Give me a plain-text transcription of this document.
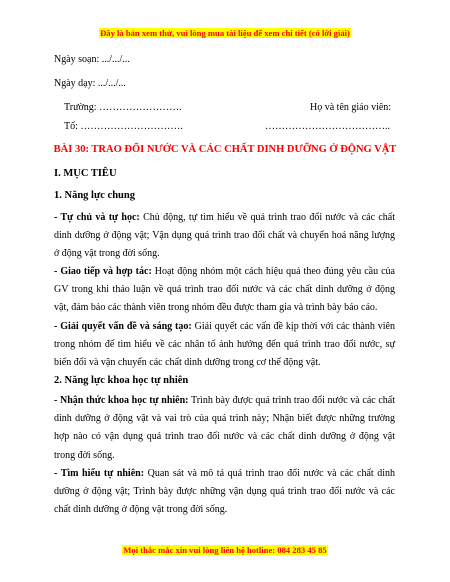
Đây là bản xem thử, vui lòng mua tài liệu để xem chi tiết (có lời giải)
Ngày soạn: .../.../...
Ngày dạy: .../.../...
Trường: …………………….	Họ và tên giáo viên:
Tổ: ………………………….	………………………………..
BÀI 30: TRAO ĐỔI NƯỚC VÀ CÁC CHẤT DINH DƯỠNG Ở ĐỘNG VẬT
I. MỤC TIÊU
1. Năng lực chung
- Tự chủ và tự học: Chủ động, tự tìm hiểu về quá trình trao đổi nước và các chất dinh dưỡng ở động vật; Vận dụng quá trình trao đổi chất và chuyển hoá năng lượng ở động vật trong đời sống.
- Giao tiếp và hợp tác: Hoạt động nhóm một cách hiệu quả theo đúng yêu cầu của GV trong khi thảo luận về quá trình trao đổi nước và các chất dinh dưỡng ở động vật, đảm bảo các thành viên trong nhóm đều được tham gia và trình bày báo cáo.
- Giải quyết vấn đề và sáng tạo: Giải quyết các vấn đề kịp thời với các thành viên trong nhóm để tìm hiểu về các nhân tố ảnh hưởng đến quá trình trao đổi nước, sự biến đổi và vận chuyển các chất dinh dưỡng trong cơ thể động vật.
2. Năng lực khoa học tự nhiên
- Nhận thức khoa học tự nhiên: Trình bày được quá trình trao đổi nước và các chất dinh dưỡng ở động vật và vai trò của quá trình này; Nhận biết được những trường hợp nào có vận dụng quá trình trao đổi nước và các chất dinh dưỡng ở động vật trong đời sống.
- Tìm hiểu tự nhiên: Quan sát và mô tả quá trình trao đổi nước và các chất dinh dưỡng ở động vật; Trình bày được những vận dụng quá trình trao đổi nước và các chất dinh dưỡng ở động vật trong đời sống.
Mọi thắc mắc xin vui lòng liên hệ hotline: 084 283 45 85
